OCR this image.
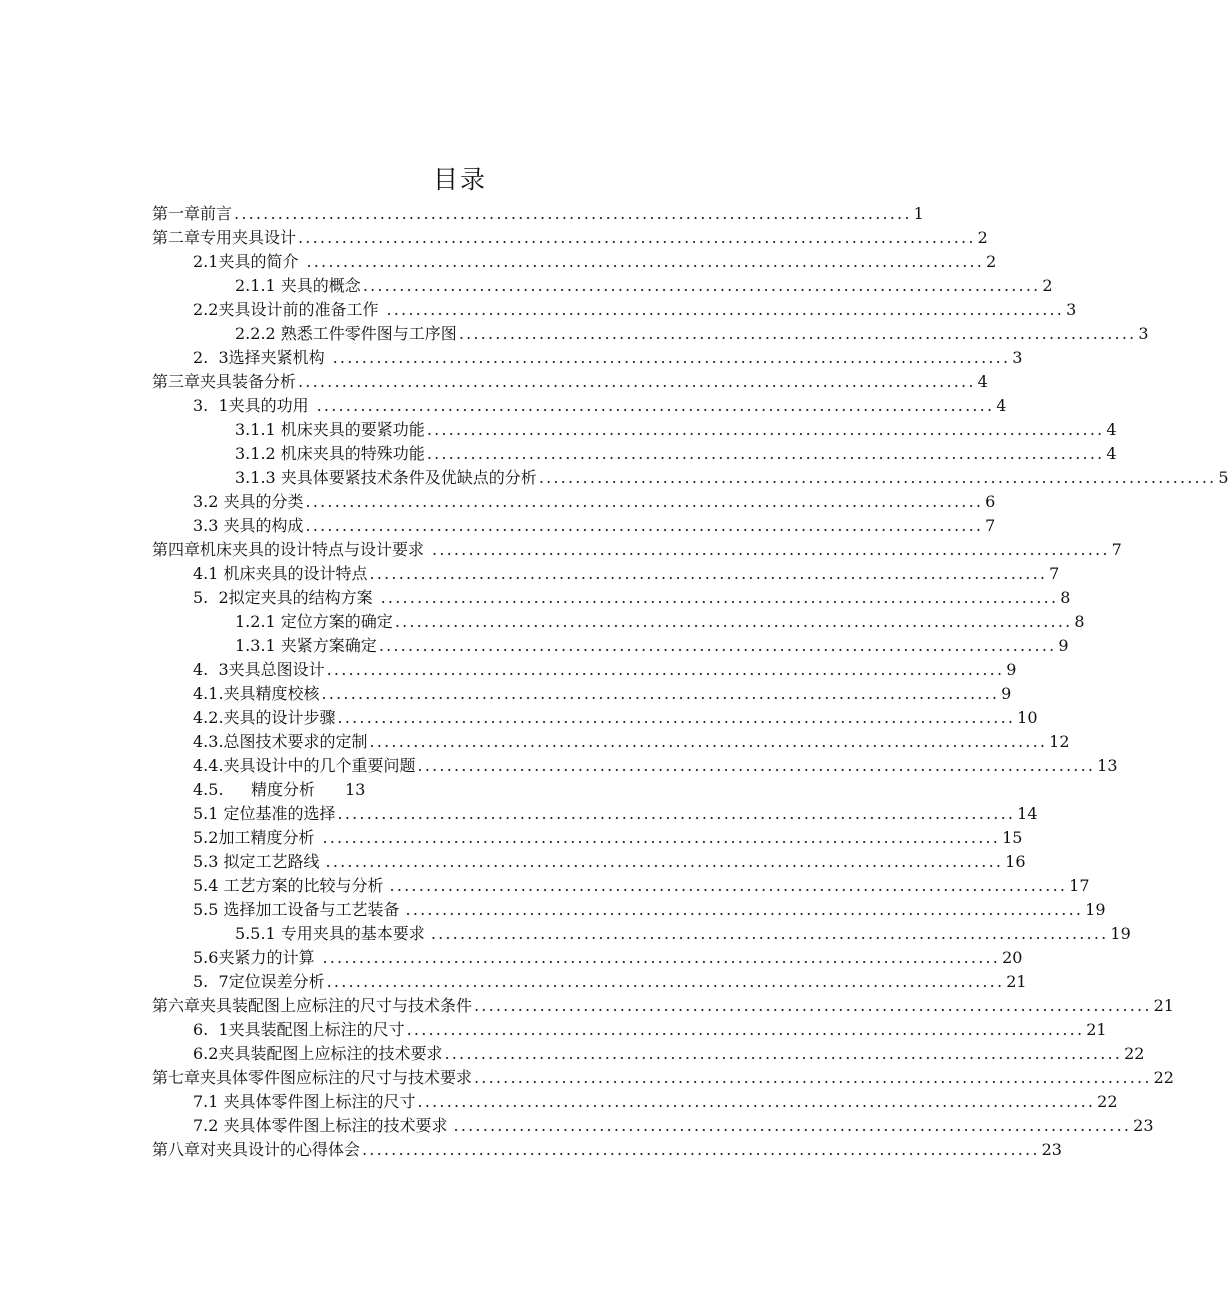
目录
第一章 前言 ............................................................................................. 1
第二章专用夹具设计 ............................................................................................. 2
2.1 夹具的简介 ............................................................................................. 2
2. 1.1 夹具的概念 ............................................................................................. 2
2.2 夹具设计前的准备工作 ............................................................................................. 3
2. 2.2 熟悉工件零件图与工序图 ............................................................................................. 3
2.  3 选择夹紧机构 ............................................................................................. 3
第三章夹具装备分析 ............................................................................................. 4
3.  1 夹具的功用 ............................................................................................. 4
3. 1.1 机床夹具的要紧功能 ............................................................................................. 4
3. 1.2 机床夹具的特殊功能 ............................................................................................. 4
3. 1.3 夹具体要紧技术条件及优缺点的分析 ............................................................................................. 5
3.2 夹具的分类 ............................................................................................. 6
3. 3 夹具的构成 ............................................................................................. 7
第四章 机床夹具的设计特点与设计要求 ............................................................................................. 7
4. 1 机床夹具的设计特点 ............................................................................................. 7
5.  2 拟定夹具的结构方案 ............................................................................................. 8
1.2. 1 定位方案的确定 ............................................................................................. 8
1.3. 1 夹紧方案确定 ............................................................................................. 9
4.  3 夹具总图设计 ............................................................................................. 9
4.1. 夹具精度校核 ............................................................................................. 9
4.2. 夹具的设计步骤 ............................................................................................. 10
4.3. 总图技术要求的定制 ............................................................................................. 12
4.4. 夹具设计中的几个重要问题 ............................................................................................. 13
4.5.	精度分析 13
5. 1 定位基准的选择 ............................................................................................. 14
5.2 加工精度分析 ............................................................................................. 15
5.3 拟定工艺路线 ............................................................................................. 16
5.4 工艺方案的比较与分析 ............................................................................................. 17
5.5 选择加工设备与工艺装备 ............................................................................................. 19
5.5.1 专用夹具的基本要求 ............................................................................................. 19
5.6 夹紧力的计算 ............................................................................................. 20
5.  7 定位误差分析 ............................................................................................. 21
第六章夹具装配图上应标注的尺寸与技术条件 ............................................................................................. 21
6.  1 夹具装配图上标注的尺寸 ............................................................................................. 21
6.2 夹具装配图上应标注的技术要求 ............................................................................................. 22
第七章夹具体零件图应标注的尺寸与技术要求 ............................................................................................. 22
7. 1 夹具体零件图上标注的尺寸 ............................................................................................. 22
7.2 夹具体零件图上标注的技术要求 ............................................................................................. 23
第八章对夹具设计的心得体会 ............................................................................................. 23
